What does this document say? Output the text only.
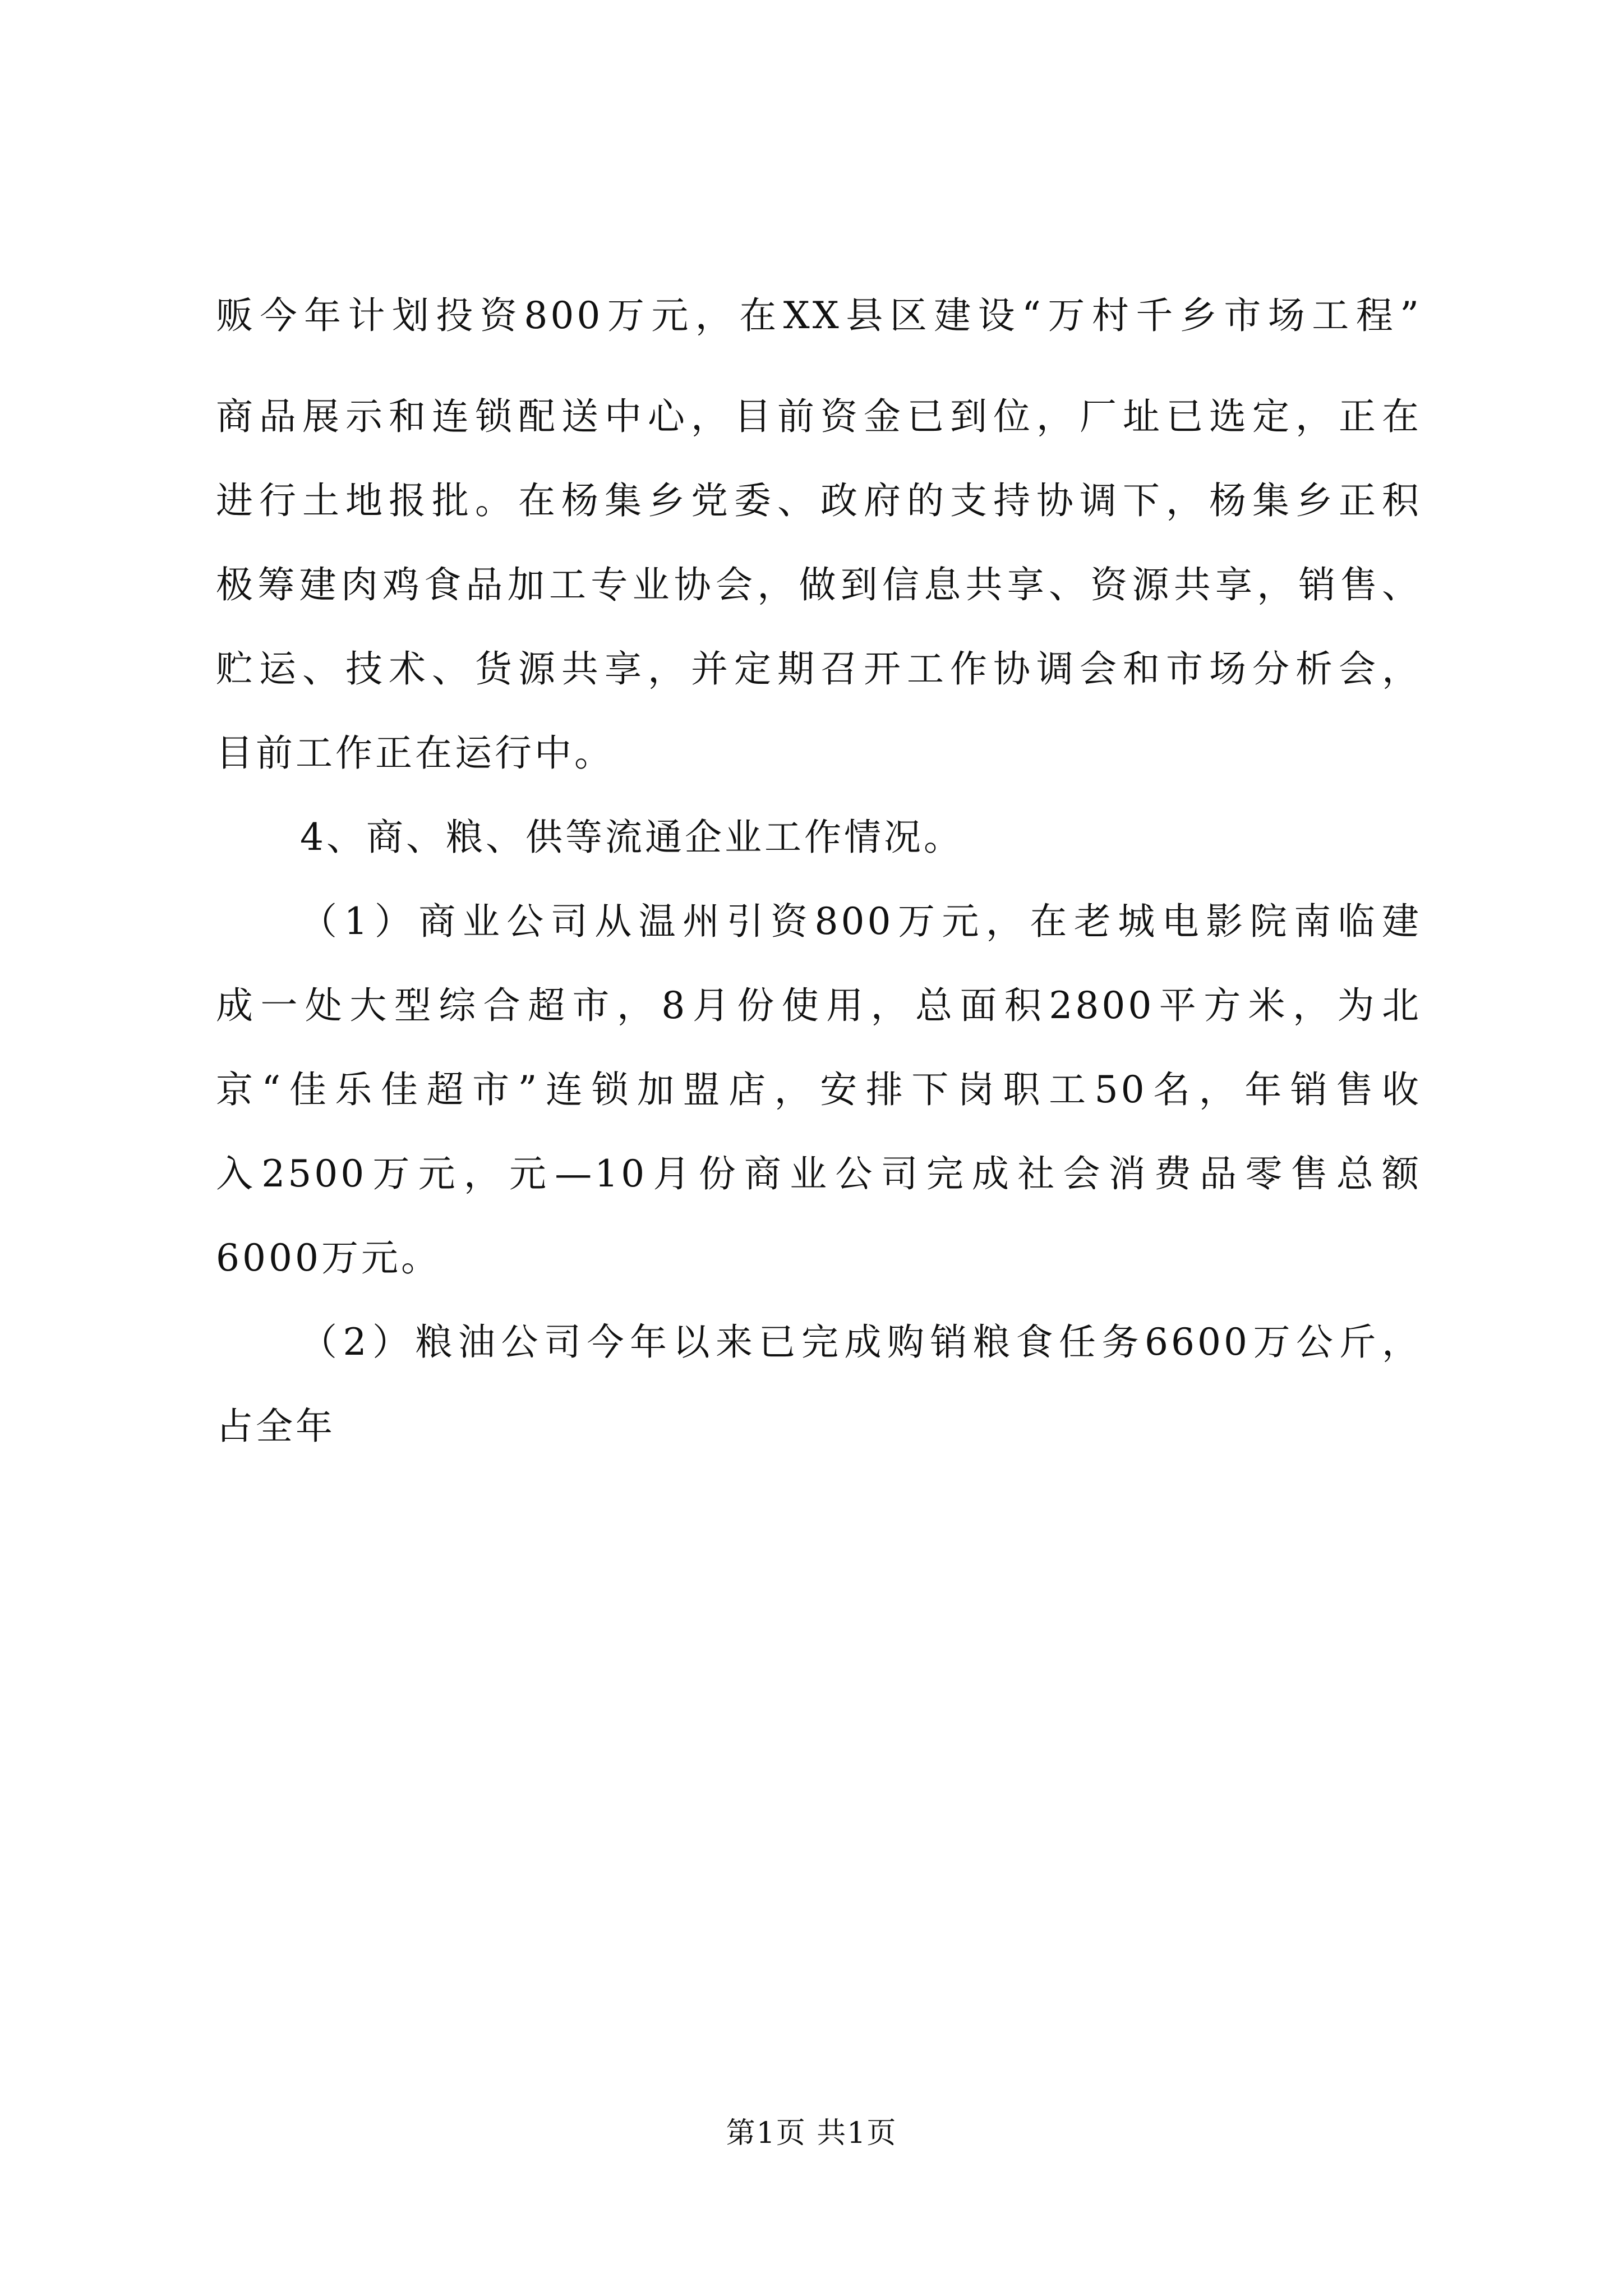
贩今年计划投资800万元，在XX县区建设“万村千乡市场工程”
商品展示和连锁配送中心，目前资金已到位，厂址已选定，正在
进行土地报批。在杨集乡党委、政府的支持协调下，杨集乡正积
极筹建肉鸡食品加工专业协会，做到信息共享、资源共享，销售、
贮运、技术、货源共享，并定期召开工作协调会和市场分析会，
目前工作正在运行中。
4、商、粮、供等流通企业工作情况。
（1）商业公司从温州引资800万元，在老城电影院南临建
成一处大型综合超市，8月份使用，总面积2800平方米，为北
京“佳乐佳超市”连锁加盟店，安排下岗职工50名，年销售收
入2500万元，元—10月份商业公司完成社会消费品零售总额
6000万元。
（2）粮油公司今年以来已完成购销粮食任务6600万公斤，
占全年
第1页 共1页
